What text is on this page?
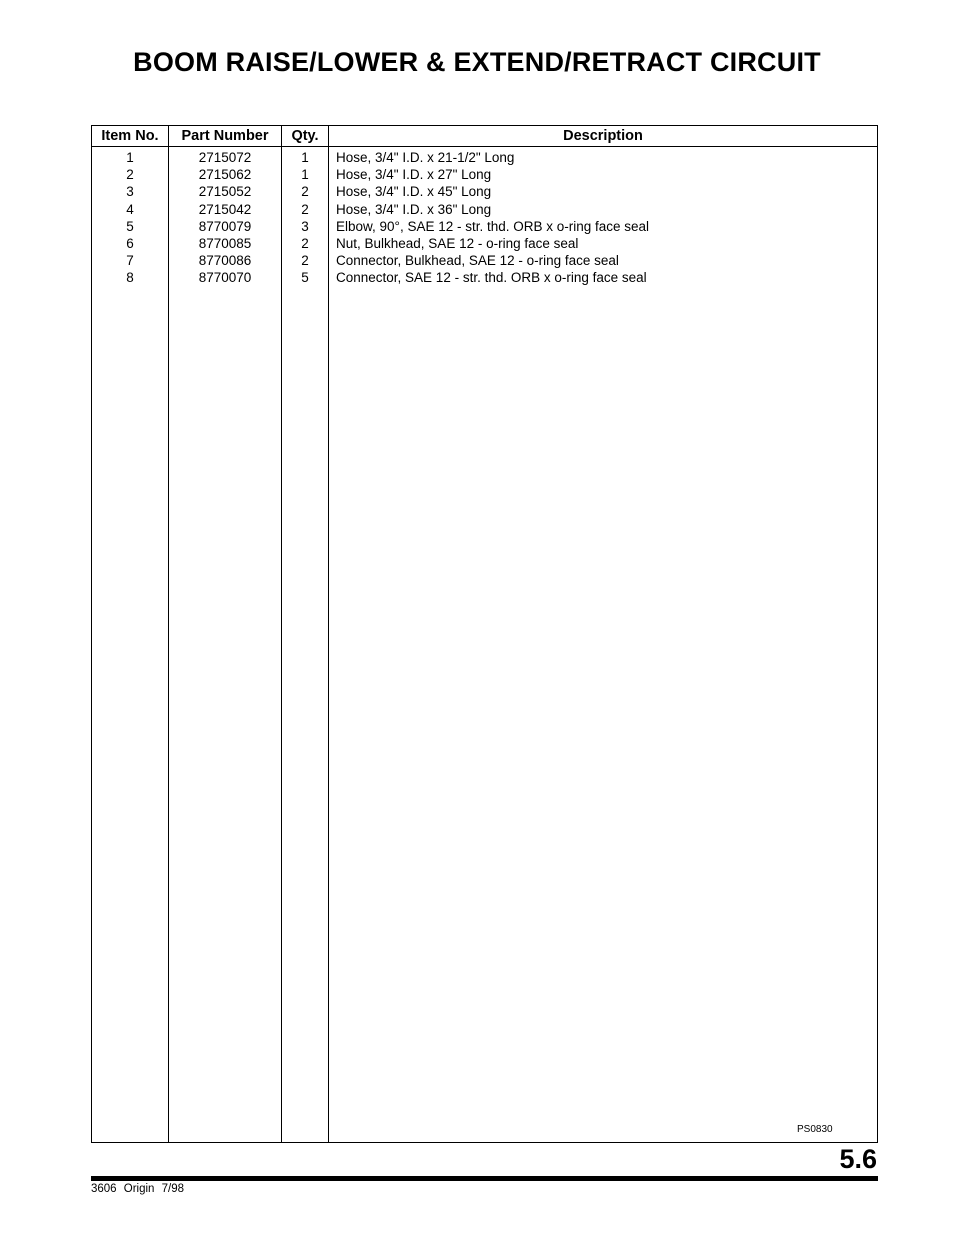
BOOM RAISE/LOWER & EXTEND/RETRACT CIRCUIT
Item No.	Part Number	Qty.	Description
1	2715072	1	Hose, 3/4" I.D. x 21-1/2" Long
2	2715062	1	Hose, 3/4" I.D. x 27" Long
3	2715052	2	Hose, 3/4" I.D. x 45" Long
4	2715042	2	Hose, 3/4" I.D. x 36" Long
5	8770079	3	Elbow, 90°, SAE 12 - str. thd. ORB x o-ring face seal
6	8770085	2	Nut, Bulkhead, SAE 12 - o-ring face seal
7	8770086	2	Connector, Bulkhead, SAE 12 - o-ring face seal
8	8770070	5	Connector, SAE 12 - str. thd. ORB x o-ring face seal
PS0830
5.6
3606 Origin 7/98
